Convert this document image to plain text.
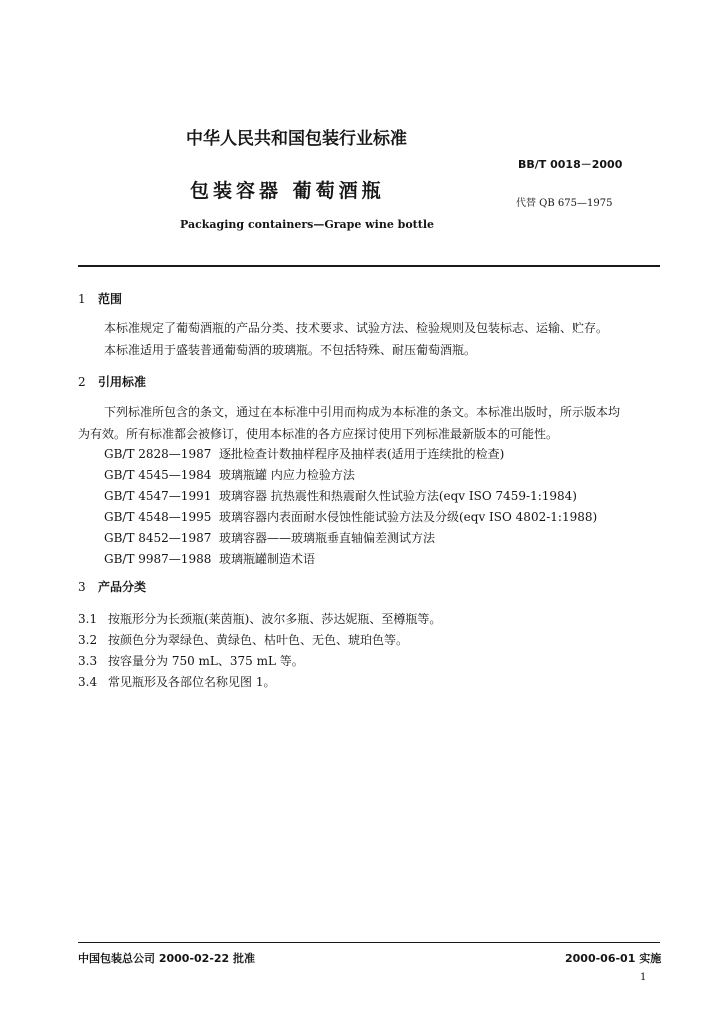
中华人民共和国包装行业标准
BB/T 0018－2000
包装容器 葡萄酒瓶
代替 QB 675—1975
Packaging containers—Grape wine bottle
1 范围
本标准规定了葡萄酒瓶的产品分类、技术要求、试验方法、检验规则及包装标志、运输、贮存。
本标准适用于盛装普通葡萄酒的玻璃瓶。不包括特殊、耐压葡萄酒瓶。
2 引用标准
下列标准所包含的条文，通过在本标准中引用而构成为本标准的条文。本标准出版时，所示版本均
为有效。所有标准都会被修订，使用本标准的各方应探讨使用下列标准最新版本的可能性。
GB/T 2828—1987 逐批检查计数抽样程序及抽样表(适用于连续批的检查)
GB/T 4545—1984 玻璃瓶罐 内应力检验方法
GB/T 4547—1991 玻璃容器 抗热震性和热震耐久性试验方法(eqv ISO 7459-1:1984)
GB/T 4548—1995 玻璃容器内表面耐水侵蚀性能试验方法及分级(eqv ISO 4802-1:1988)
GB/T 8452—1987 玻璃容器——玻璃瓶垂直轴偏差测试方法
GB/T 9987—1988 玻璃瓶罐制造术语
3 产品分类
3.1 按瓶形分为长颈瓶(莱茵瓶)、波尔多瓶、莎达妮瓶、至樽瓶等。
3.2 按颜色分为翠绿色、黄绿色、枯叶色、无色、琥珀色等。
3.3 按容量分为 750 mL、375 mL 等。
3.4 常见瓶形及各部位名称见图 1。
中国包装总公司 2000-02-22 批准	2000-06-01 实施
1
